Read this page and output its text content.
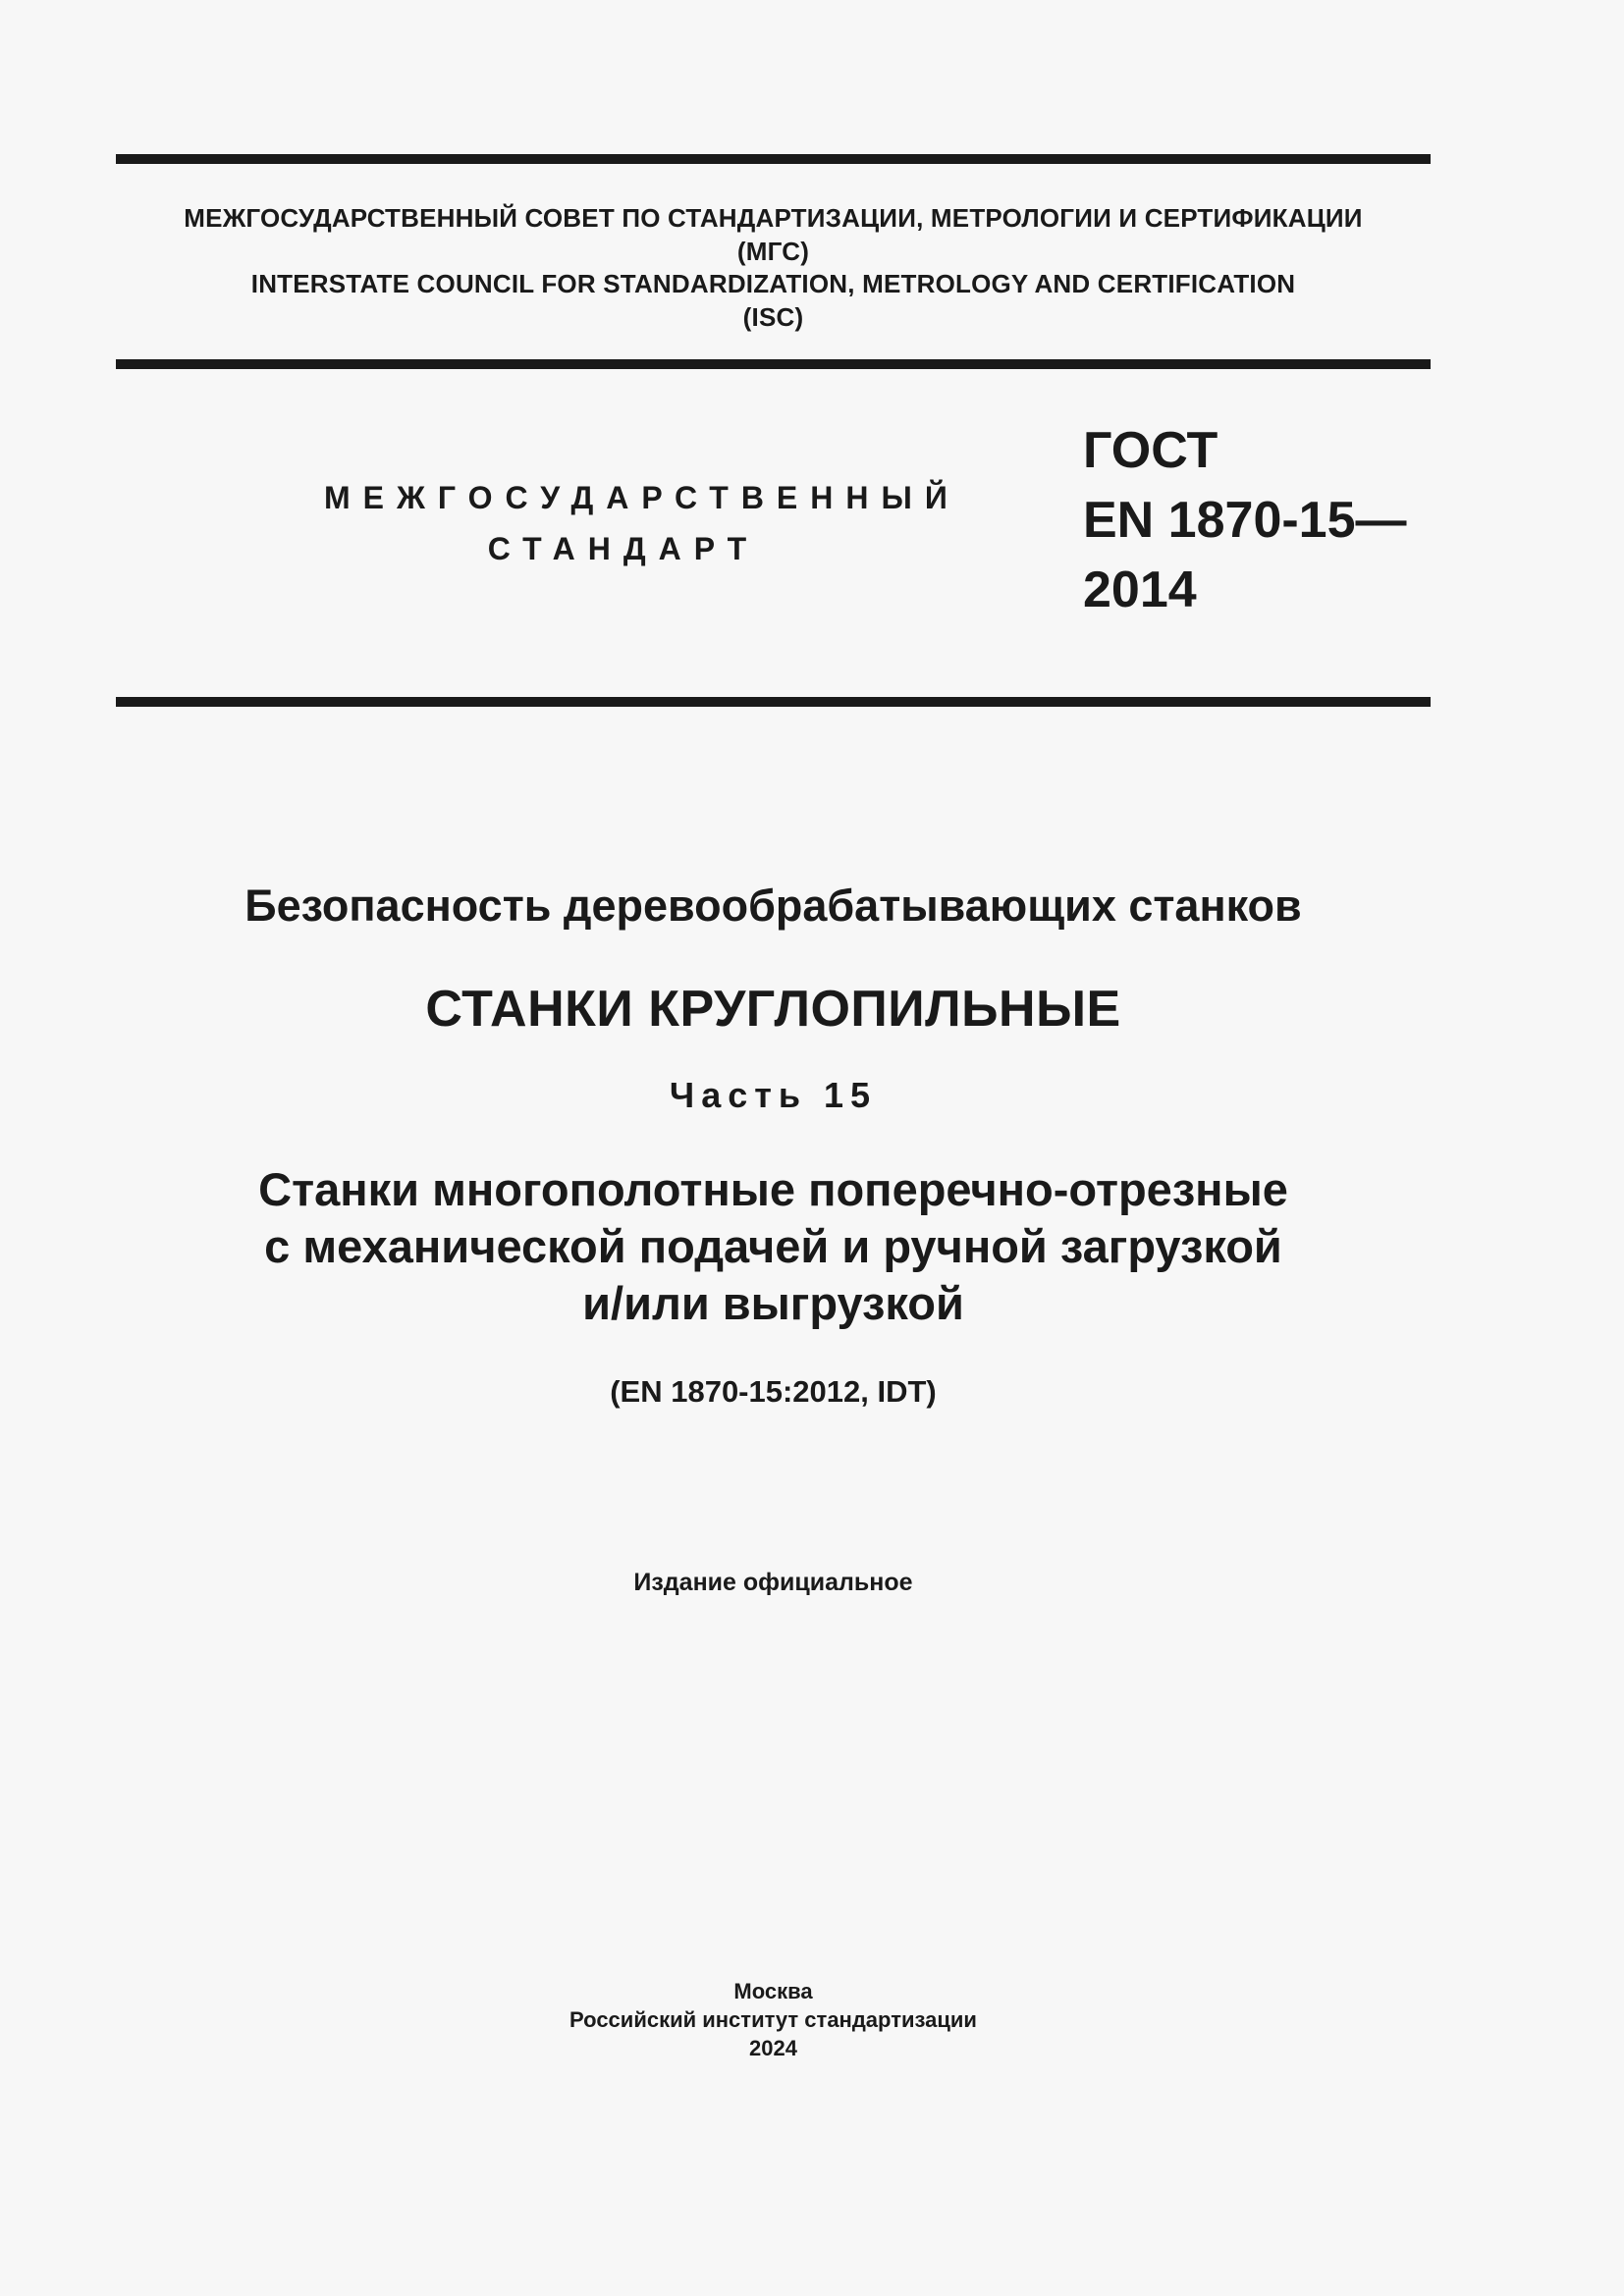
МЕЖГОСУДАРСТВЕННЫЙ СОВЕТ ПО СТАНДАРТИЗАЦИИ, МЕТРОЛОГИИ И СЕРТИФИКАЦИИ
(МГС)
INTERSTATE COUNCIL FOR STANDARDIZATION, METROLOGY AND CERTIFICATION
(ISC)
МЕЖГОСУДАРСТВЕННЫЙ
СТАНДАРТ
ГОСТ
EN 1870-15—
2014
Безопасность деревообрабатывающих станков
СТАНКИ КРУГЛОПИЛЬНЫЕ
Часть 15
Станки многополотные поперечно-отрезные
с механической подачей и ручной загрузкой
и/или выгрузкой
(EN 1870-15:2012, IDT)
Издание официальное
Москва
Российский институт стандартизации
2024
